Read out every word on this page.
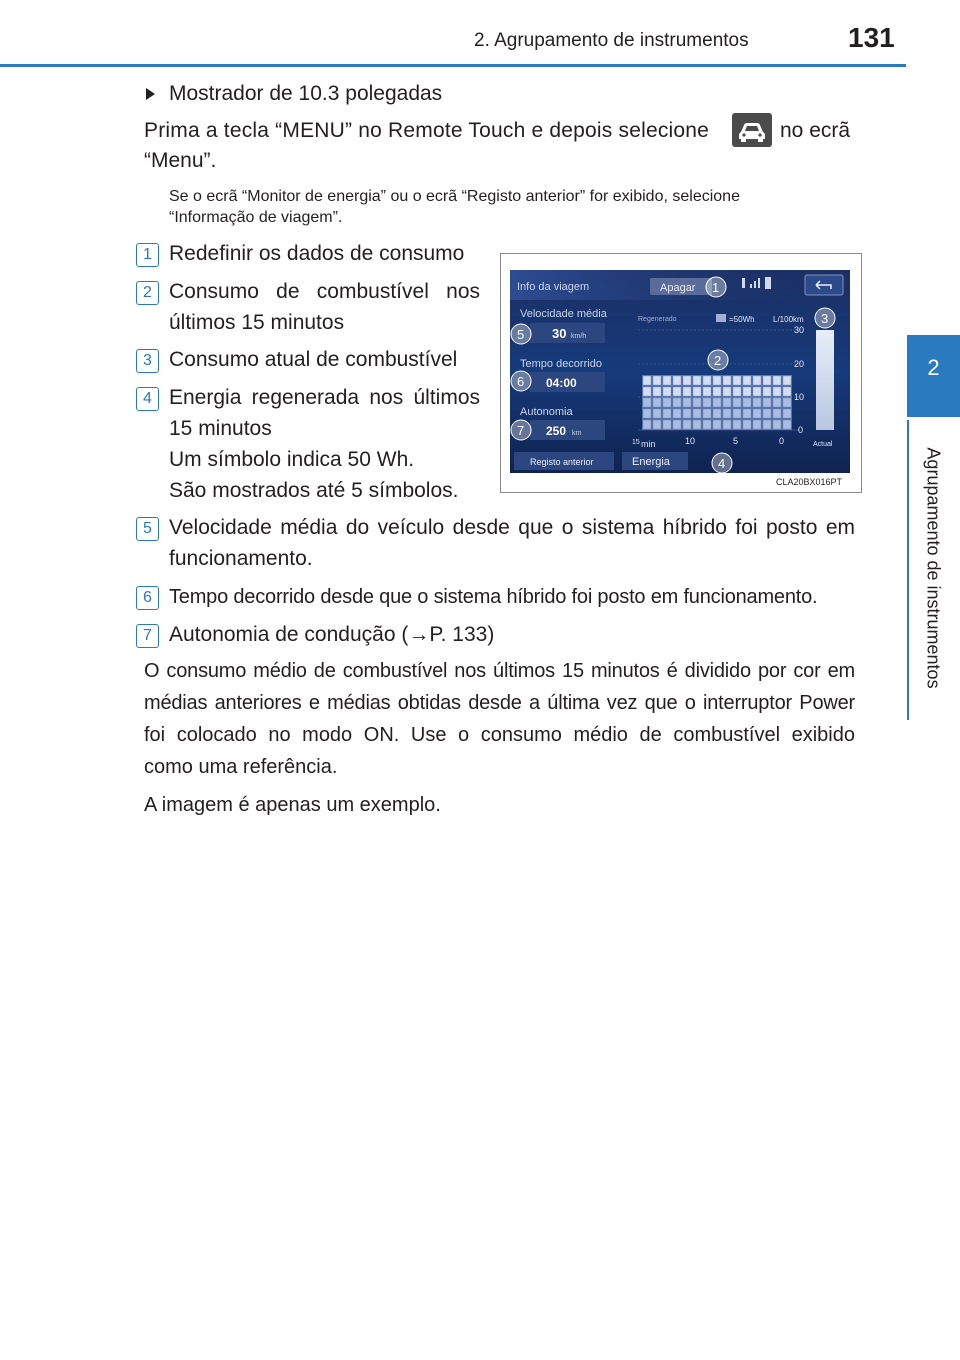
2. Agrupamento de instrumentos	131
2
Agrupamento de instrumentos
Mostrador de 10.3 polegadas
Prima a tecla “MENU” no Remote Touch e depois selecione	no ecrã
“Menu”.
Se o ecrã “Monitor de energia” ou o ecrã “Registo anterior” for exibido, selecione
“Informação de viagem”.
1 Redefinir os dados de consumo
2 Consumo de combustível nos
últimos 15 minutos
3 Consumo atual de combustível
4 Energia regenerada nos últimos
15 minutos
Um símbolo indica 50 Wh.
São mostrados até 5 símbolos.
5 Velocidade média do veículo desde que o sistema híbrido foi posto em
funcionamento.
6 Tempo decorrido desde que o sistema híbrido foi posto em funcionamento.
7 Autonomia de condução (→P. 133)
O consumo médio de combustível nos últimos 15 minutos é dividido por cor em
médias anteriores e médias obtidas desde a última vez que o interruptor Power
foi colocado no modo ON. Use o consumo médio de combustível exibido
como uma referência.
A imagem é apenas um exemplo.
Info da viagem	Apagar
Velocidade média
30 km/h
Tempo decorrido
04:00
Autonomia
250 km
Regenerado	=50Wh L/100km
30
20
10
0
15 min	10	5	0	Actual
Registo anterior	Energia
CLA20BX016PT
1
2
3
4
5
6
7
